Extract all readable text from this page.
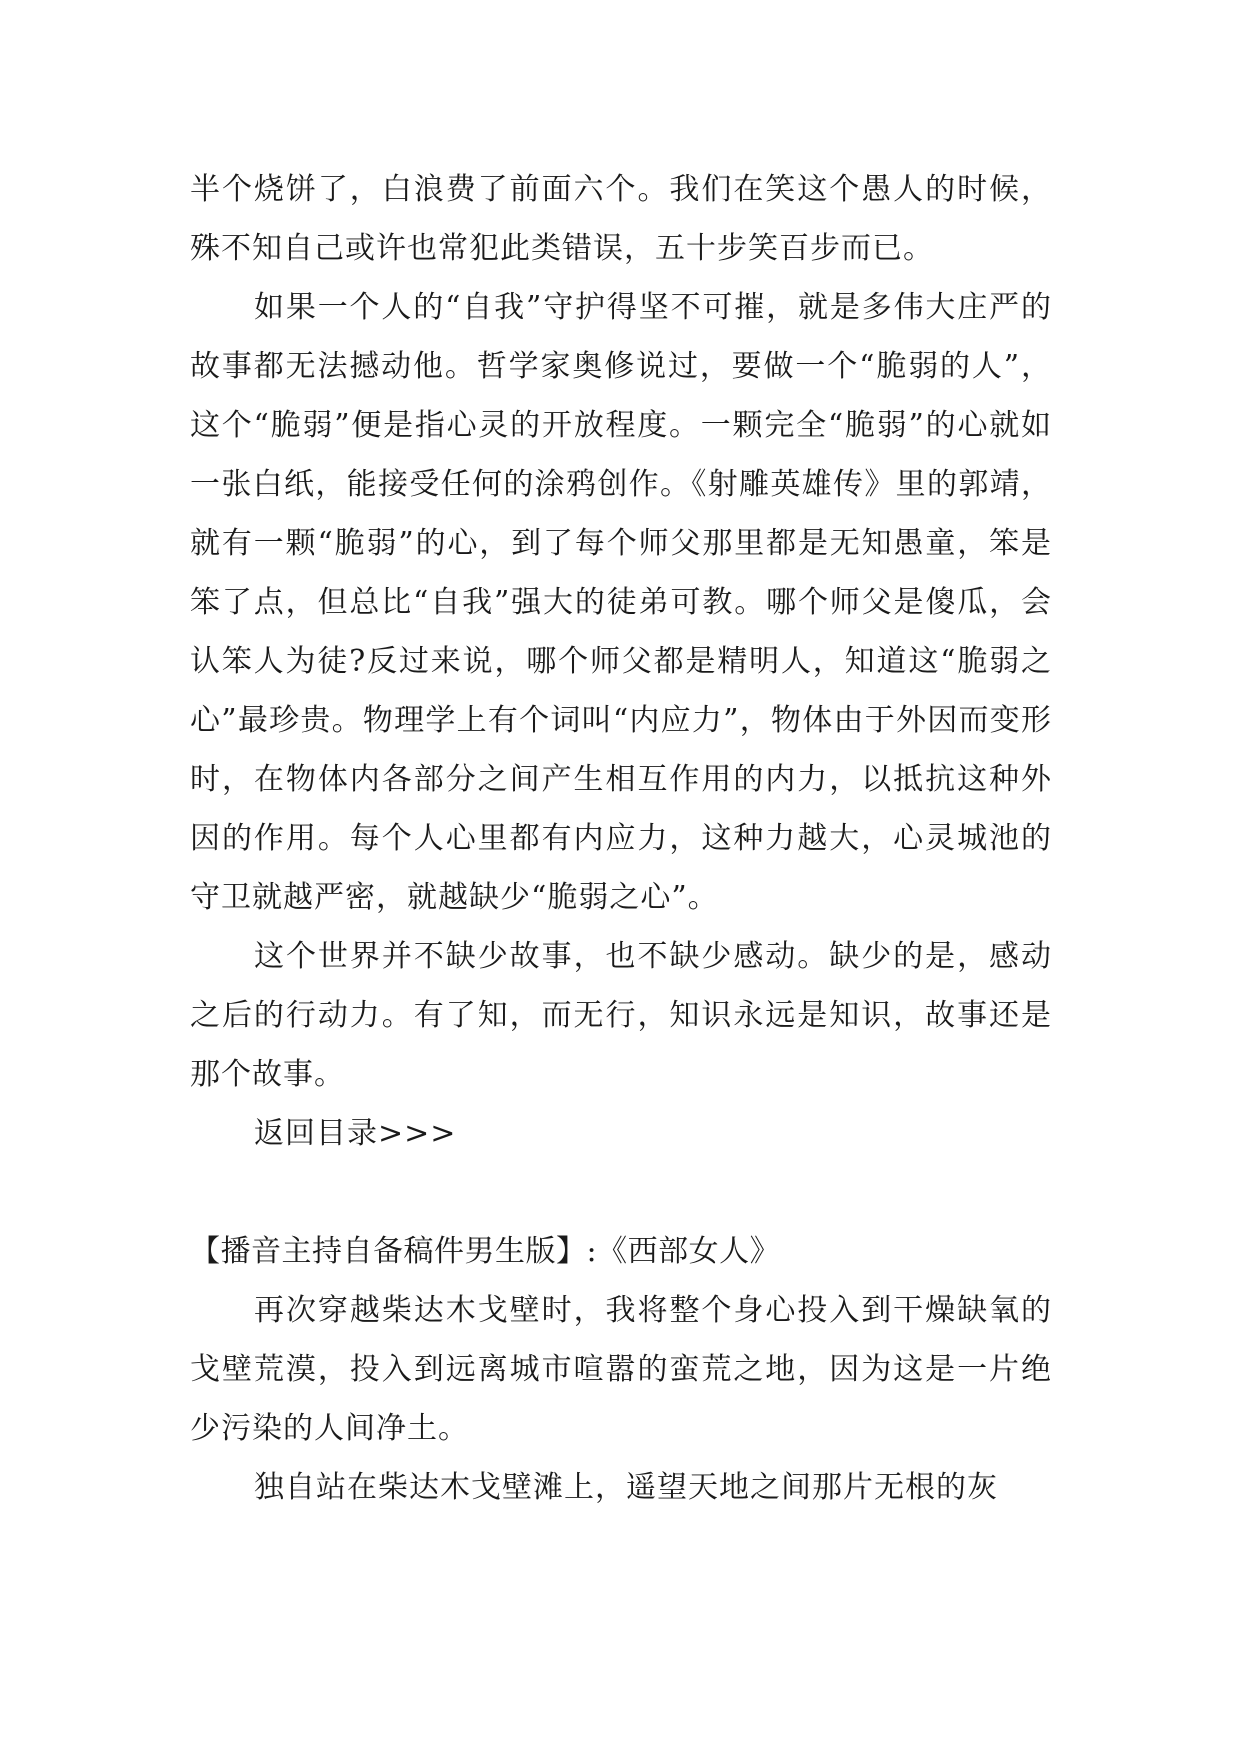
半个烧饼了，白浪费了前面六个。我们在笑这个愚人的时候，殊不知自己或许也常犯此类错误，五十步笑百步而已。

如果一个人的“自我”守护得坚不可摧，就是多伟大庄严的故事都无法撼动他。哲学家奥修说过，要做一个“脆弱的人”，这个“脆弱”便是指心灵的开放程度。一颗完全“脆弱”的心就如一张白纸，能接受任何的涂鸦创作。《射雕英雄传》里的郭靖，就有一颗“脆弱”的心，到了每个师父那里都是无知愚童，笨是笨了点，但总比“自我”强大的徒弟可教。哪个师父是傻瓜，会认笨人为徒?反过来说，哪个师父都是精明人，知道这“脆弱之心”最珍贵。物理学上有个词叫“内应力”，物体由于外因而变形时，在物体内各部分之间产生相互作用的内力，以抵抗这种外因的作用。每个人心里都有内应力，这种力越大，心灵城池的守卫就越严密，就越缺少“脆弱之心”。

这个世界并不缺少故事，也不缺少感动。缺少的是，感动之后的行动力。有了知，而无行，知识永远是知识，故事还是那个故事。

返回目录>>>

【播音主持自备稿件男生版】:《西部女人》

再次穿越柴达木戈壁时，我将整个身心投入到干燥缺氧的戈壁荒漠，投入到远离城市喧嚣的蛮荒之地，因为这是一片绝少污染的人间净土。

独自站在柴达木戈壁滩上，遥望天地之间那片无根的灰
